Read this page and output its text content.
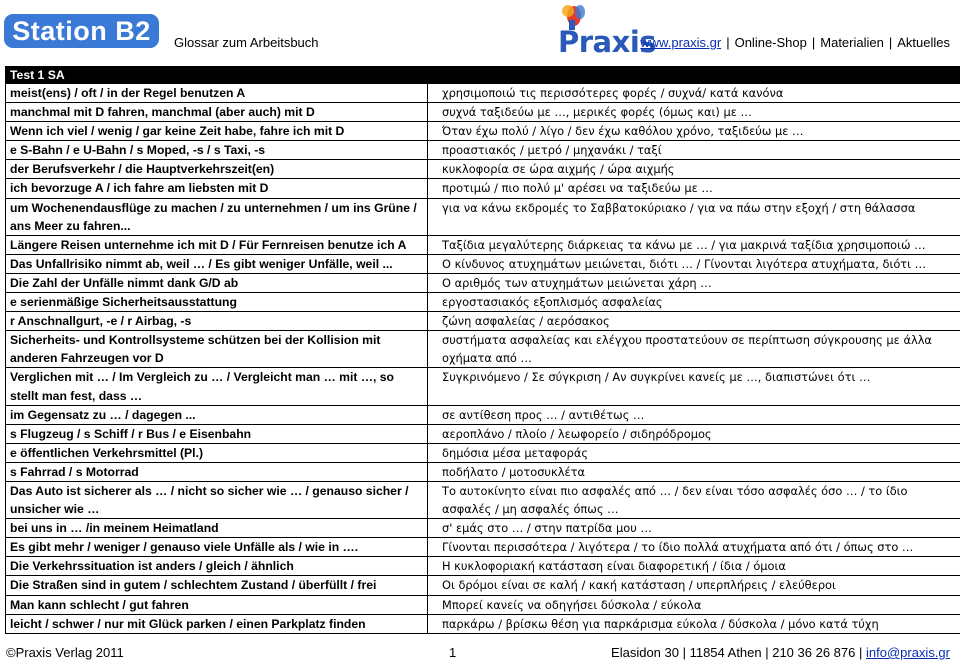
Station B2	Glossar zum Arbeitsbuch	Praxis
www.praxis.gr | Online-Shop | Materialien | Aktuelles
Test 1 SA	
meist(ens) / oft / in der Regel benutzen A	χρησιμοποιώ τις περισσότερες φορές / συχνά/ κατά κανόνα
manchmal mit D fahren, manchmal (aber auch) mit D	συχνά ταξιδεύω με …, μερικές φορές (όμως και) με …
Wenn ich viel / wenig / gar keine Zeit habe, fahre ich mit D	Όταν έχω πολύ / λίγο / δεν έχω καθόλου χρόνο, ταξιδεύω με …
e S-Bahn / e U-Bahn / s Moped, -s / s Taxi, -s	προαστιακός / μετρό / μηχανάκι / ταξί
der Berufsverkehr / die Hauptverkehrszeit(en)	κυκλοφορία σε ώρα αιχμής / ώρα αιχμής
ich bevorzuge A / ich fahre am liebsten mit D	προτιμώ / πιο πολύ μ' αρέσει να ταξιδεύω με …
um Wochenendausflüge zu machen / zu unternehmen / um ins Grüne / ans Meer zu fahren...	για να κάνω εκδρομές το Σαββατοκύριακο / για να πάω στην εξοχή / στη θάλασσα
Längere Reisen unternehme ich mit D / Für Fernreisen benutze ich A	Ταξίδια μεγαλύτερης διάρκειας τα κάνω με … / για μακρινά ταξίδια χρησιμοποιώ …
Das Unfallrisiko nimmt ab, weil … / Es gibt weniger Unfälle, weil ...	Ο κίνδυνος ατυχημάτων μειώνεται, διότι … / Γίνονται λιγότερα ατυχήματα, διότι …
Die Zahl der Unfälle nimmt dank G/D ab	Ο αριθμός των ατυχημάτων μειώνεται χάρη …
e serienmäßige Sicherheitsausstattung	εργοστασιακός εξοπλισμός ασφαλείας
r Anschnallgurt, -e / r Airbag, -s	ζώνη ασφαλείας / αερόσακος
Sicherheits- und Kontrollsysteme schützen bei der Kollision mit anderen Fahrzeugen vor D	συστήματα ασφαλείας και ελέγχου προστατεύουν σε περίπτωση σύγκρουσης με άλλα οχήματα από …
Verglichen mit … / Im Vergleich zu … / Vergleicht man … mit …, so stellt man fest, dass …	Συγκρινόμενο / Σε σύγκριση / Αν συγκρίνει κανείς με …, διαπιστώνει ότι …
im Gegensatz zu … / dagegen ...	σε αντίθεση προς … / αντιθέτως …
s Flugzeug / s Schiff / r Bus / e Eisenbahn	αεροπλάνο / πλοίο / λεωφορείο / σιδηρόδρομος
e öffentlichen Verkehrsmittel (Pl.)	δημόσια μέσα μεταφοράς
s Fahrrad / s Motorrad	ποδήλατο / μοτοσυκλέτα
Das Auto ist sicherer als … / nicht so sicher wie … / genauso sicher / unsicher wie …	Το αυτοκίνητο είναι πιο ασφαλές από … / δεν είναι τόσο ασφαλές όσο … / το ίδιο ασφαλές / μη ασφαλές όπως …
bei uns in … /in meinem Heimatland	σ' εμάς στο … / στην πατρίδα μου …
Es gibt mehr / weniger / genauso viele Unfälle als / wie in ….	Γίνονται περισσότερα / λιγότερα / το ίδιο πολλά ατυχήματα από ότι / όπως στο …
Die Verkehrssituation ist anders / gleich / ähnlich	Η κυκλοφοριακή κατάσταση είναι διαφορετική / ίδια / όμοια
Die Straßen sind in gutem / schlechtem Zustand / überfüllt / frei	Οι δρόμοι είναι σε καλή / κακή κατάσταση / υπερπλήρεις / ελεύθεροι
Man kann schlecht / gut fahren	Μπορεί κανείς να οδηγήσει δύσκολα / εύκολα
leicht / schwer / nur mit Glück parken / einen Parkplatz finden	παρκάρω / βρίσκω θέση για παρκάρισμα εύκολα / δύσκολα / μόνο κατά τύχη
©Praxis Verlag 2011	1	Elasidon 30 | 11854 Athen | 210 36 26 876 | info@praxis.gr
